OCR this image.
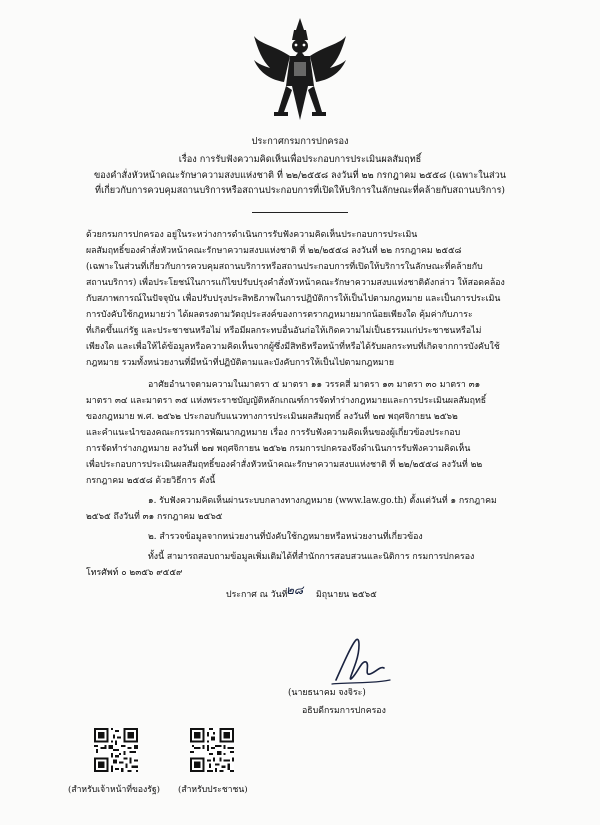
ประกาศกรมการปกครอง
เรื่อง การรับฟังความคิดเห็นเพื่อประกอบการประเมินผลสัมฤทธิ์
ของคำสั่งหัวหน้าคณะรักษาความสงบแห่งชาติ ที่ ๒๒/๒๕๕๘ ลงวันที่ ๒๒ กรกฎาคม ๒๕๕๘ (เฉพาะในส่วน
ที่เกี่ยวกับการควบคุมสถานบริการหรือสถานประกอบการที่เปิดให้บริการในลักษณะที่คล้ายกับสถานบริการ)
ด้วยกรมการปกครอง อยู่ในระหว่างการดำเนินการรับฟังความคิดเห็นประกอบการประเมิน
ผลสัมฤทธิ์ของคำสั่งหัวหน้าคณะรักษาความสงบแห่งชาติ ที่ ๒๒/๒๕๕๘ ลงวันที่ ๒๒ กรกฎาคม ๒๕๕๘
(เฉพาะในส่วนที่เกี่ยวกับการควบคุมสถานบริการหรือสถานประกอบการที่เปิดให้บริการในลักษณะที่คล้ายกับ
สถานบริการ) เพื่อประโยชน์ในการแก้ไขปรับปรุงคำสั่งหัวหน้าคณะรักษาความสงบแห่งชาติดังกล่าว ให้สอดคล้อง
กับสภาพการณ์ในปัจจุบัน เพื่อปรับปรุงประสิทธิภาพในการปฏิบัติการให้เป็นไปตามกฎหมาย และเป็นการประเมิน
การบังคับใช้กฎหมายว่า ได้ผลตรงตามวัตถุประสงค์ของการตรากฎหมายมากน้อยเพียงใด คุ้มค่ากับภาระ
ที่เกิดขึ้นแก่รัฐ และประชาชนหรือไม่ หรือมีผลกระทบอื่นอันก่อให้เกิดความไม่เป็นธรรมแก่ประชาชนหรือไม่
เพียงใด และเพื่อให้ได้ข้อมูลหรือความคิดเห็นจากผู้ซึ่งมีสิทธิหรือหน้าที่หรือได้รับผลกระทบที่เกิดจากการบังคับใช้
กฎหมาย รวมทั้งหน่วยงานที่มีหน้าที่ปฏิบัติตามและบังคับการให้เป็นไปตามกฎหมาย
อาศัยอำนาจตามความในมาตรา ๕ มาตรา ๑๑ วรรคสี่ มาตรา ๑๓ มาตรา ๓๐ มาตรา ๓๑
มาตรา ๓๔ และมาตรา ๓๕ แห่งพระราชบัญญัติหลักเกณฑ์การจัดทำร่างกฎหมายและการประเมินผลสัมฤทธิ์
ของกฎหมาย พ.ศ. ๒๕๖๒ ประกอบกับแนวทางการประเมินผลสัมฤทธิ์ ลงวันที่ ๒๗ พฤศจิกายน ๒๕๖๒
และคำแนะนำของคณะกรรมการพัฒนากฎหมาย เรื่อง การรับฟังความคิดเห็นของผู้เกี่ยวข้องประกอบ
การจัดทำร่างกฎหมาย ลงวันที่ ๒๗ พฤศจิกายน ๒๕๖๒ กรมการปกครองจึงดำเนินการรับฟังความคิดเห็น
เพื่อประกอบการประเมินผลสัมฤทธิ์ของคำสั่งหัวหน้าคณะรักษาความสงบแห่งชาติ ที่ ๒๒/๒๕๕๘ ลงวันที่ ๒๒
กรกฎาคม ๒๕๕๘ ด้วยวิธีการ ดังนี้
๑. รับฟังความคิดเห็นผ่านระบบกลางทางกฎหมาย (www.law.go.th) ตั้งแต่วันที่ ๑ กรกฎาคม
๒๕๖๕ ถึงวันที่ ๓๑ กรกฎาคม ๒๕๖๕
๒. สำรวจข้อมูลจากหน่วยงานที่บังคับใช้กฎหมายหรือหน่วยงานที่เกี่ยวข้อง
ทั้งนี้ สามารถสอบถามข้อมูลเพิ่มเติมได้ที่สำนักการสอบสวนและนิติการ กรมการปกครอง
โทรศัพท์ ๐ ๒๓๕๖ ๙๕๕๙
ประกาศ ณ วันที่
๒๘ มิถุนายน ๒๕๖๕
(นายธนาคม จงจิระ)
อธิบดีกรมการปกครอง
(สำหรับเจ้าหน้าที่ของรัฐ) (สำหรับประชาชน)
